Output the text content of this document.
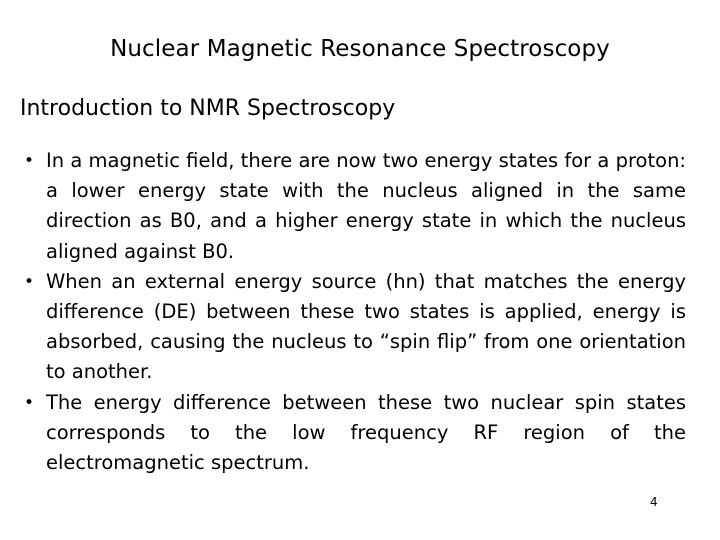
Nuclear Magnetic Resonance Spectroscopy
Introduction to NMR Spectroscopy
• In a magnetic field, there are now two energy states for a proton: a lower energy state with the nucleus aligned in the same direction as B0, and a higher energy state in which the nucleus aligned against B0.
• When an external energy source (hn) that matches the energy difference (DE) between these two states is applied, energy is absorbed, causing the nucleus to “spin flip” from one orientation to another.
• The energy difference between these two nuclear spin states corresponds to the low frequency RF region of the electromagnetic spectrum.
4
